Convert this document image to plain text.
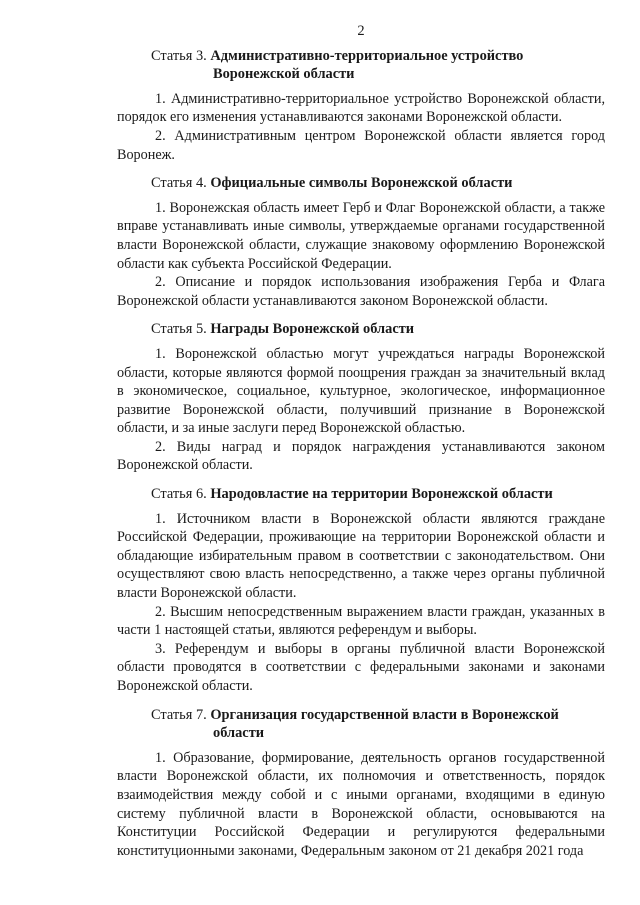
2
Статья 3. Административно-территориальное устройство
Воронежской области

1. Административно-территориальное устройство Воронежской области, порядок его изменения устанавливаются законами Воронежской области.

2. Административным центром Воронежской области является город Воронеж.

Статья 4. Официальные символы Воронежской области

1. Воронежская область имеет Герб и Флаг Воронежской области, а также вправе устанавливать иные символы, утверждаемые органами государственной власти Воронежской области, служащие знаковому оформлению Воронежской области как субъекта Российской Федерации.

2. Описание и порядок использования изображения Герба и Флага Воронежской области устанавливаются законом Воронежской области.

Статья 5. Награды Воронежской области

1. Воронежской областью могут учреждаться награды Воронежской области, которые являются формой поощрения граждан за значительный вклад в экономическое, социальное, культурное, экологическое, информационное развитие Воронежской области, получивший признание в Воронежской области, и за иные заслуги перед Воронежской областью.

2. Виды наград и порядок награждения устанавливаются законом Воронежской области.

Статья 6. Народовластие на территории Воронежской области

1. Источником власти в Воронежской области являются граждане Российской Федерации, проживающие на территории Воронежской области и обладающие избирательным правом в соответствии с законодательством. Они осуществляют свою власть непосредственно, а также через органы публичной власти Воронежской области.

2. Высшим непосредственным выражением власти граждан, указанных в части 1 настоящей статьи, являются референдум и выборы.

3. Референдум и выборы в органы публичной власти Воронежской области проводятся в соответствии с федеральными законами и законами Воронежской области.

Статья 7. Организация государственной власти в Воронежской
области

1. Образование, формирование, деятельность органов государственной власти Воронежской области, их полномочия и ответственность, порядок взаимодействия между собой и с иными органами, входящими в единую систему публичной власти в Воронежской области, основываются на Конституции Российской Федерации и регулируются федеральными конституционными законами, Федеральным законом от 21 декабря 2021 года
